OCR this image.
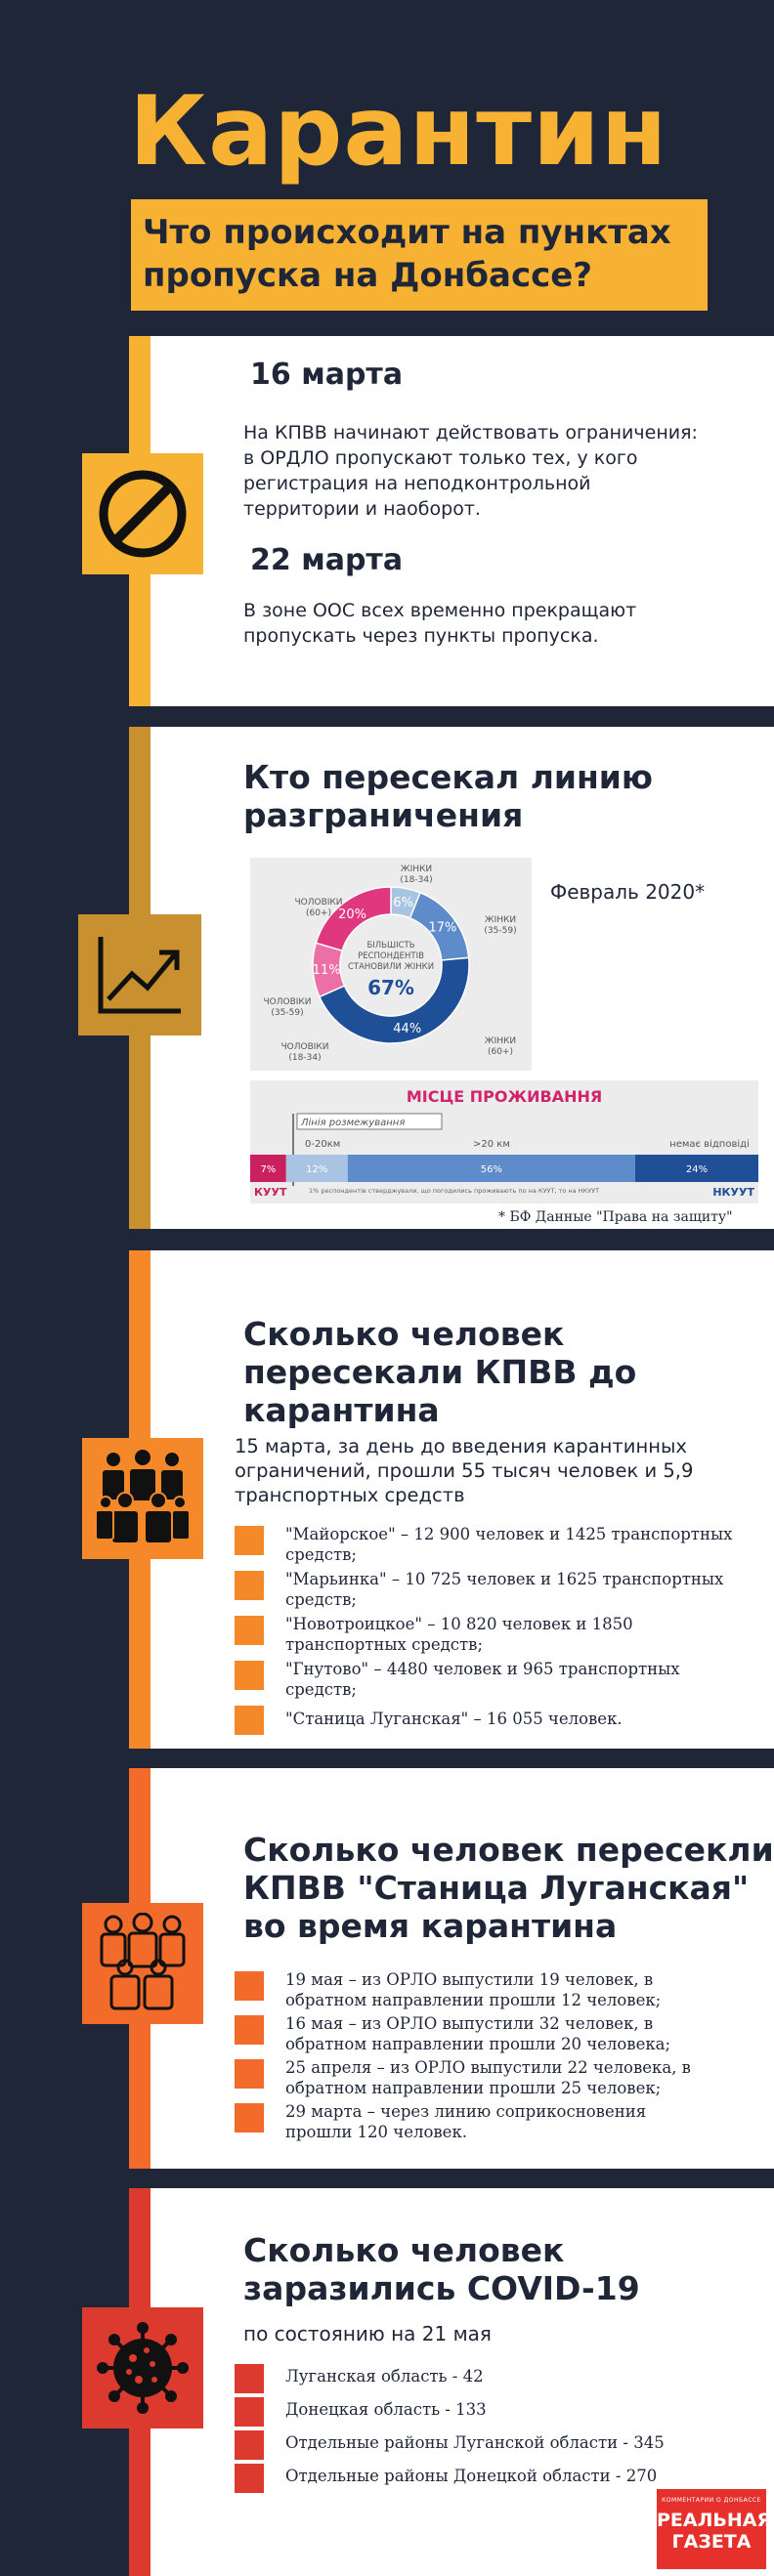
Карантин
Что происходит на пунктах
пропуска на Донбассе?
16 марта
На КПВВ начинают действовать ограничения:
в ОРДЛО пропускают только тех, у кого
регистрация на неподконтрольной
территории и наоборот.
22 марта
В зоне ООС всех временно прекращают
пропускать через пункты пропуска.
Кто пересекал линию
разграничения
Февраль 2020*
6%
17%
44%
11%
20%
БІЛЬШІСТЬ
РЕСПОНДЕНТІВ
СТАНОВИЛИ ЖІНКИ
67%
ЖІНКИ
(18-34)
ЖІНКИ
(35-59)
ЖІНКИ
(60+)
ЧОЛОВІКИ
(18-34)
ЧОЛОВІКИ
(35-59)
ЧОЛОВІКИ
(60+)
МІСЦЕ ПРОЖИВАННЯ
Лінія розмежування
0-20км	>20 км	немає відповіді
7%	12%	56%	24%
КУУТ	НКУУТ
1% респондентів стверджували, що погодились проживають по на КУУТ, то на НКУУТ
* БФ Данные "Права на защиту"
Сколько человек
пересекали КПВВ до
карантина
15 марта, за день до введения карантинных
ограничений, прошли 55 тысяч человек и 5,9
транспортных средств
"Майорское" – 12 900 человек и 1425 транспортных
средств;
"Марьинка" – 10 725 человек и 1625 транспортных
средств;
"Новотроицкое" – 10 820 человек и 1850
транспортных средств;
"Гнутово" – 4480 человек и 965 транспортных
средств;
"Станица Луганская" – 16 055 человек.
Сколько человек пересекли
КПВВ "Станица Луганская"
во время карантина
19 мая – из ОРЛО выпустили 19 человек, в
обратном направлении прошли 12 человек;
16 мая – из ОРЛО выпустили 32 человек, в
обратном направлении прошли 20 человека;
25 апреля – из ОРЛО выпустили 22 человека, в
обратном направлении прошли 25 человек;
29 марта – через линию соприкосновения
прошли 120 человек.
Сколько человек
заразились COVID-19
по состоянию на 21 мая
Луганская область - 42
Донецкая область - 133
Отдельные районы Луганской области - 345
Отдельные районы Донецкой области - 270
КОММЕНТАРИИ О ДОНБАССЕ
РЕАЛЬНАЯ
ГАЗЕТА
